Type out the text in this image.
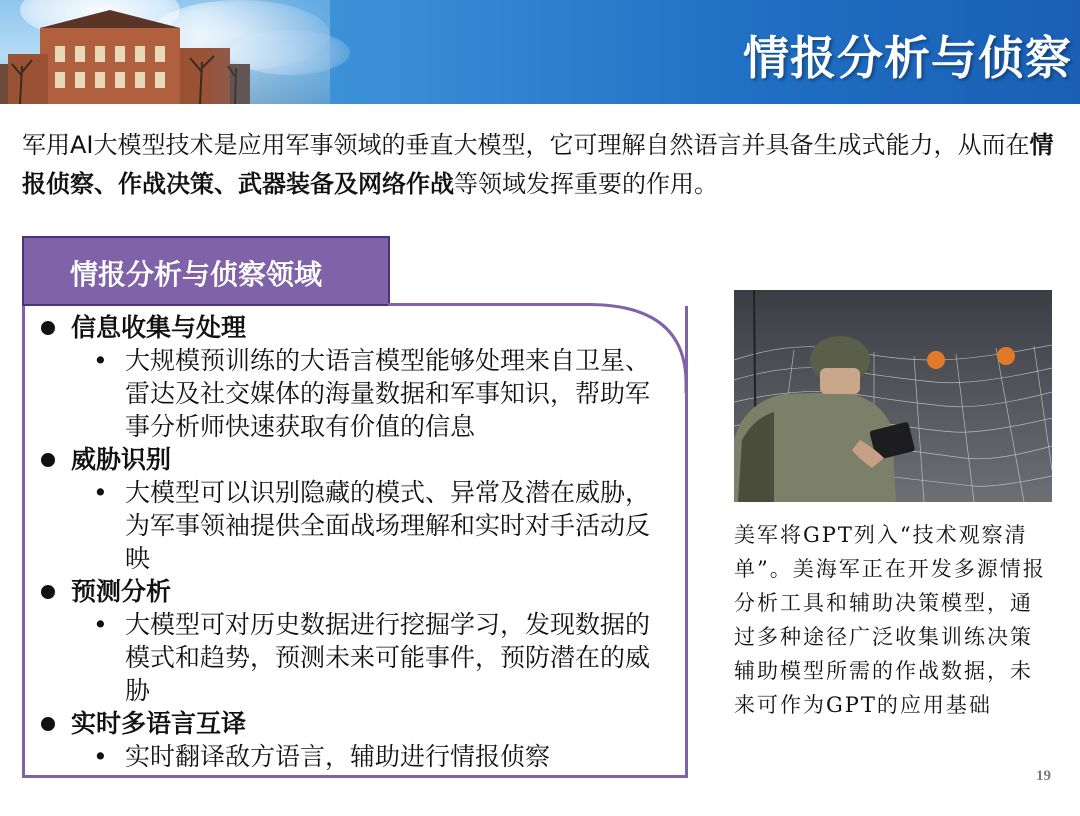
情报分析与侦察
军用AI大模型技术是应用军事领域的垂直大模型，它可理解自然语言并具备生成式能力，从而在情报侦察、作战决策、武器装备及网络作战等领域发挥重要的作用。
情报分析与侦察领域
信息收集与处理
• 大规模预训练的大语言模型能够处理来自卫星、雷达及社交媒体的海量数据和军事知识，帮助军事分析师快速获取有价值的信息
威胁识别
• 大模型可以识别隐藏的模式、异常及潜在威胁，为军事领袖提供全面战场理解和实时对手活动反映
预测分析
• 大模型可对历史数据进行挖掘学习，发现数据的模式和趋势，预测未来可能事件，预防潜在的威胁
实时多语言互译
• 实时翻译敌方语言，辅助进行情报侦察
美军将GPT列入“技术观察清单”。美海军正在开发多源情报分析工具和辅助决策模型，通过多种途径广泛收集训练决策辅助模型所需的作战数据，未来可作为GPT的应用基础
19
